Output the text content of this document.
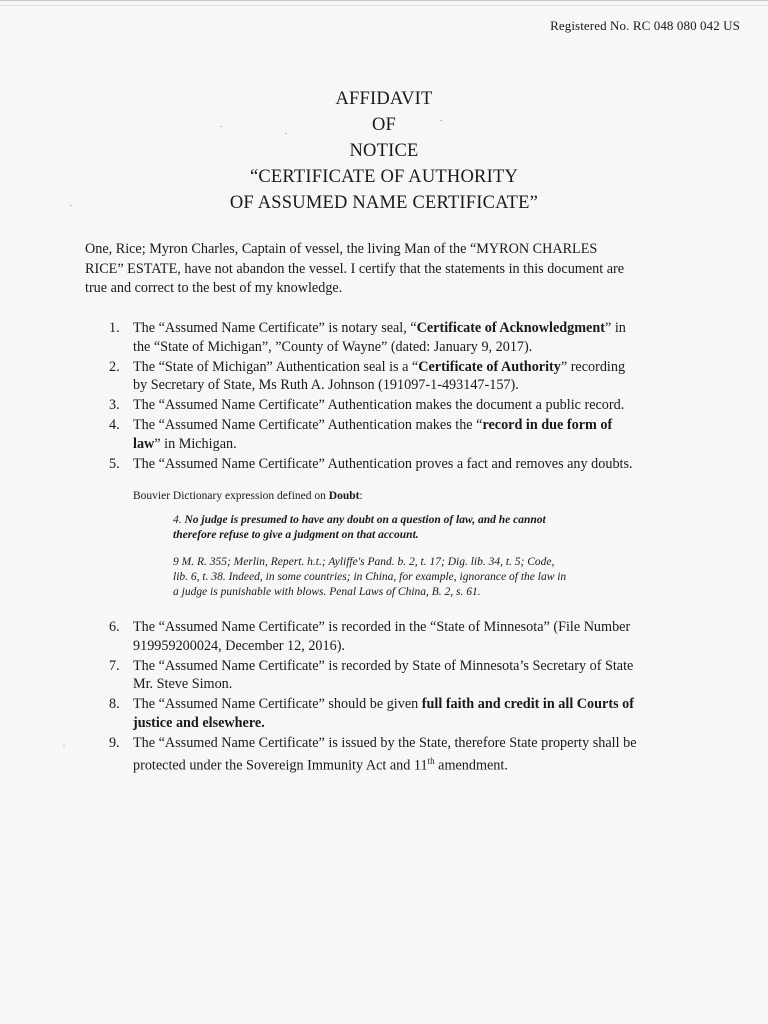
Registered No. RC 048 080 042 US
AFFIDAVIT
OF
NOTICE
“CERTIFICATE OF AUTHORITY
OF ASSUMED NAME CERTIFICATE”
One, Rice; Myron Charles, Captain of vessel, the living Man of the “MYRON CHARLES
RICE” ESTATE, have not abandon the vessel. I certify that the statements in this document are
true and correct to the best of my knowledge.
1. The “Assumed Name Certificate” is notary seal, “Certificate of Acknowledgment” in
the “State of Michigan”, ”County of Wayne” (dated: January 9, 2017).
2. The “State of Michigan” Authentication seal is a “Certificate of Authority” recording
by Secretary of State, Ms Ruth A. Johnson (191097-1-493147-157).
3. The “Assumed Name Certificate” Authentication makes the document a public record.
4. The “Assumed Name Certificate” Authentication makes the “record in due form of
law” in Michigan.
5. The “Assumed Name Certificate” Authentication proves a fact and removes any doubts.
Bouvier Dictionary expression defined on Doubt:
4. No judge is presumed to have any doubt on a question of law, and he cannot
therefore refuse to give a judgment on that account.
9 M. R. 355; Merlin, Repert. h.t.; Ayliffe's Pand. b. 2, t. 17; Dig. lib. 34, t. 5; Code,
lib. 6, t. 38. Indeed, in some countries; in China, for example, ignorance of the law in
a judge is punishable with blows. Penal Laws of China, B. 2, s. 61.
6. The “Assumed Name Certificate” is recorded in the “State of Minnesota” (File Number
919959200024, December 12, 2016).
7. The “Assumed Name Certificate” is recorded by State of Minnesota’s Secretary of State
Mr. Steve Simon.
8. The “Assumed Name Certificate” should be given full faith and credit in all Courts of
justice and elsewhere.
9. The “Assumed Name Certificate” is issued by the State, therefore State property shall be
protected under the Sovereign Immunity Act and 11th amendment.
